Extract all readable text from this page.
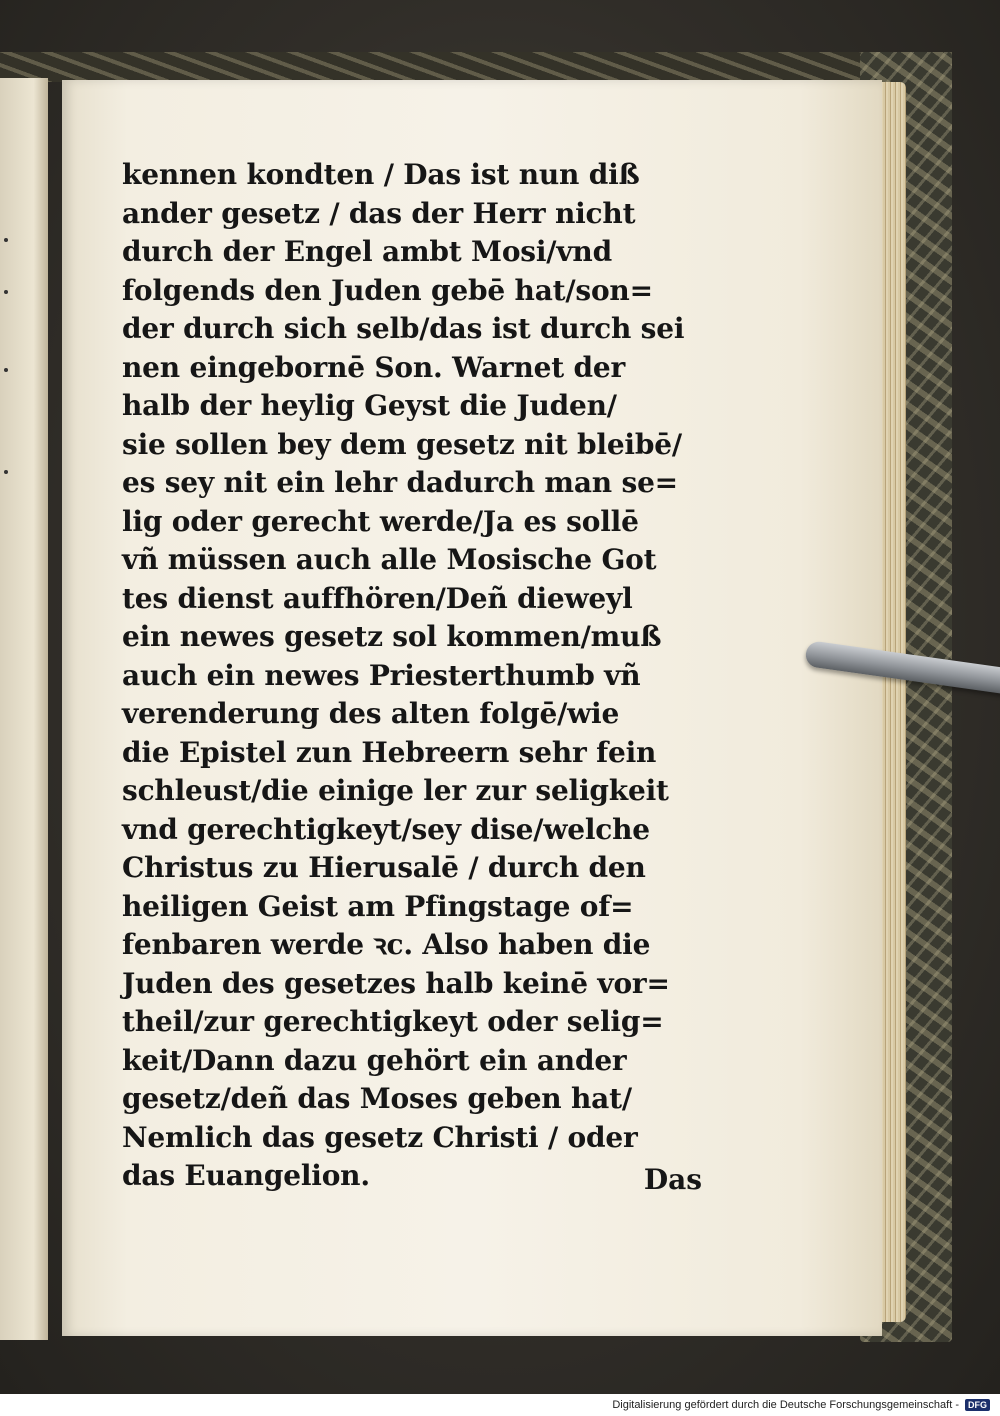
kennen kondten / Das ist nun diß
ander gesetz / das der Herr nicht
durch der Engel ambt Mosi/vnd
folgends den Juden gebē hat/son=
der durch sich selb/das ist durch sei
nen eingebornē Son. Warnet der
halb der heylig Geyst die Juden/
sie sollen bey dem gesetz nit bleibē/
es sey nit ein lehr dadurch man se=
lig oder gerecht werde/Ja es sollē
vñ müssen auch alle Mosische Got
tes dienst auffhören/Deñ dieweyl
ein newes gesetz sol kommen/muß
auch ein newes Priesterthumb vñ
verenderung des alten folgē/wie
die Epistel zun Hebreern sehr fein
schleust/die einige ler zur seligkeit
vnd gerechtigkeyt/sey dise/welche
Christus zu Hierusalē / durch den
heiligen Geist am Pfingstage of=
fenbaren werde ꝛc. Also haben die
Juden des gesetzes halb keinē vor=
theil/zur gerechtigkeyt oder selig=
keit/Dann dazu gehört ein ander
gesetz/deñ das Moses geben hat/
Nemlich das gesetz Christi / oder
das Euangelion.	Das
Digitalisierung gefördert durch die Deutsche Forschungsgemeinschaft -	DFG
